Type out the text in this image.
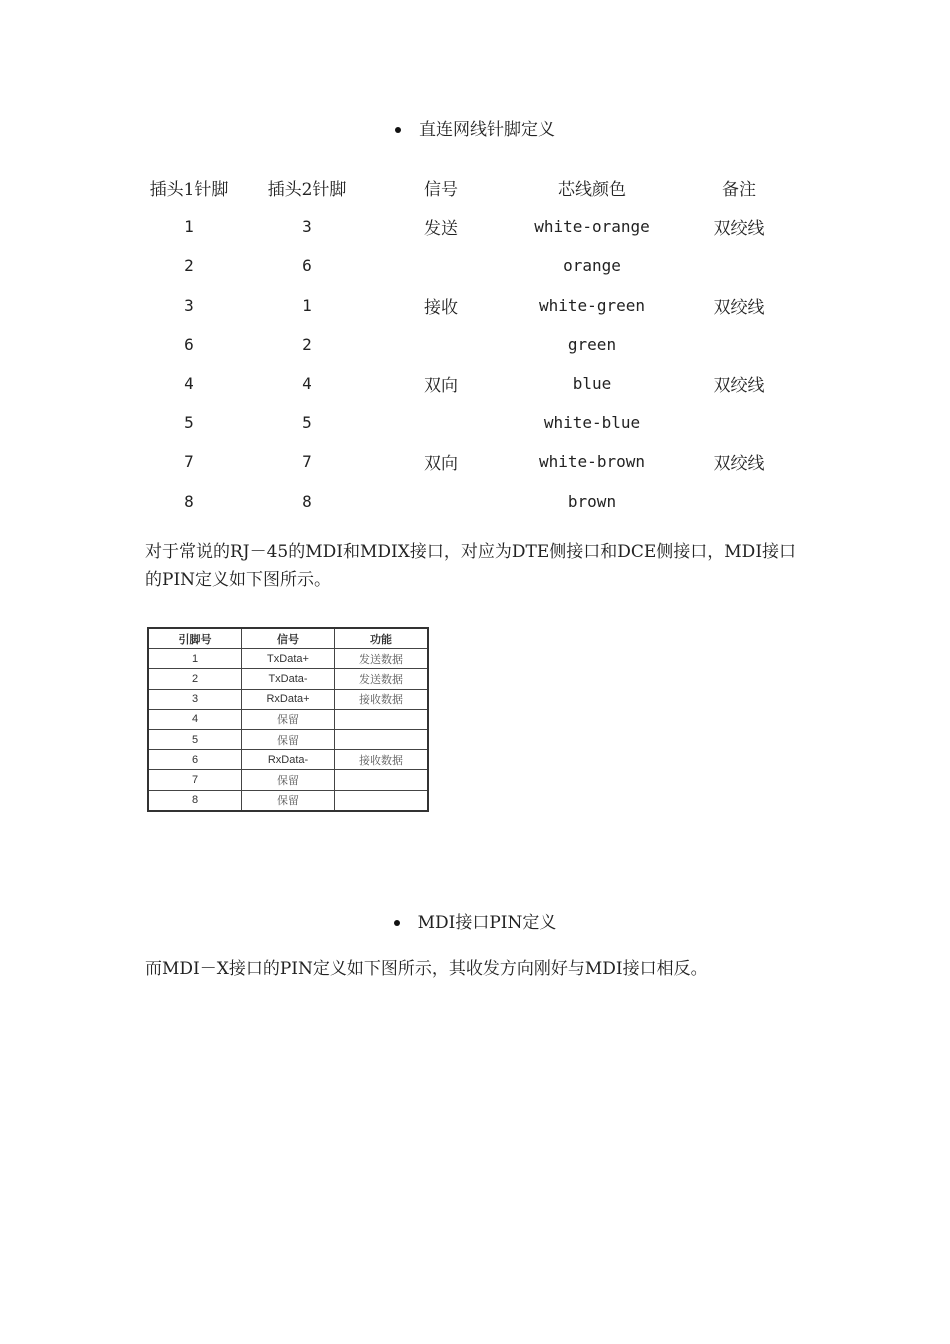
直连网线针脚定义
插头1针脚	插头2针脚	信号	芯线颜色	备注
1	3	发送	white-orange	双绞线
2	6		orange	
3	1	接收	white-green	双绞线
6	2		green	
4	4	双向	blue	双绞线
5	5		white-blue	
7	7	双向	white-brown	双绞线
8	8		brown	
对于常说的RJ－45的MDI和MDIX接口，对应为DTE侧接口和DCE侧接口，MDI接口的PIN定义如下图所示。
引脚号	信号	功能
1	TxData+	发送数据
2	TxData-	发送数据
3	RxData+	接收数据
4	保留	
5	保留	
6	RxData-	接收数据
7	保留	
8	保留	
MDI接口PIN定义
而MDI－X接口的PIN定义如下图所示，其收发方向刚好与MDI接口相反。
